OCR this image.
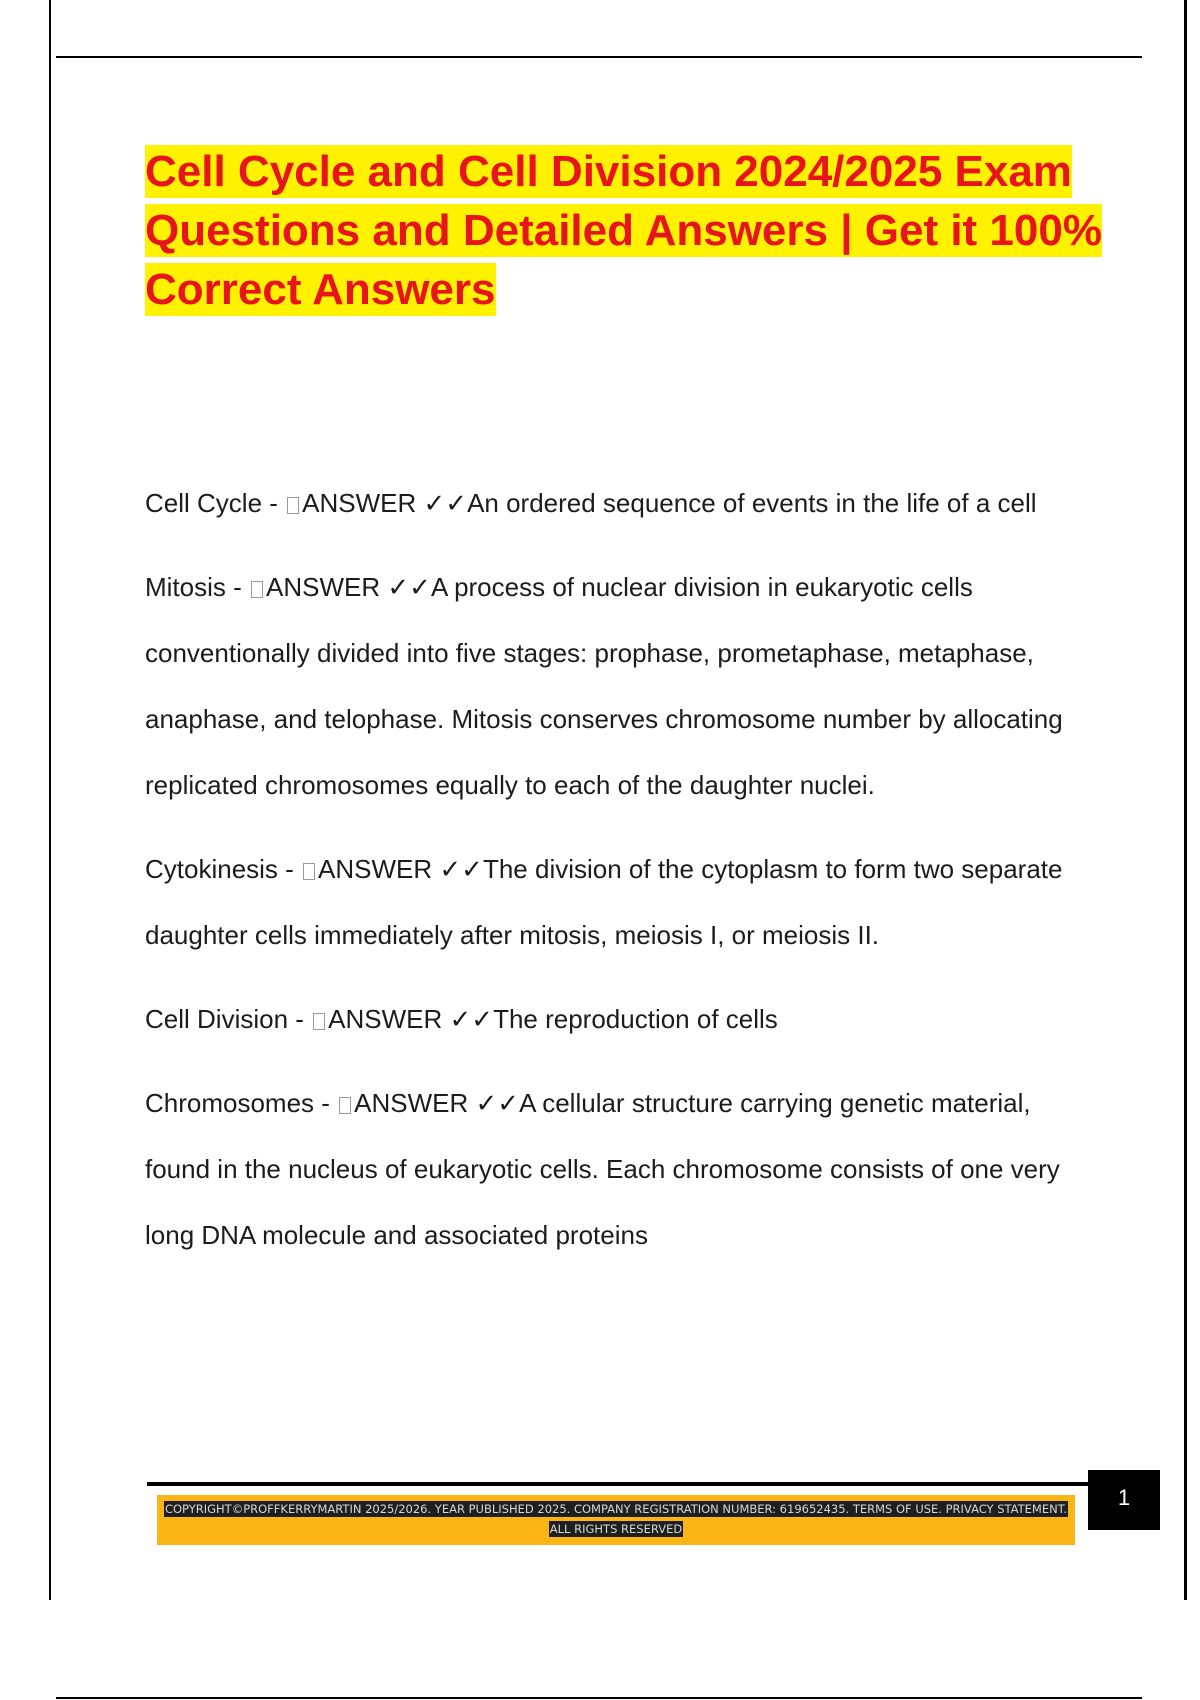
Cell Cycle and Cell Division 2024/2025 Exam Questions and Detailed Answers | Get it 100% Correct Answers

Cell Cycle - ANSWER ✓✓An ordered sequence of events in the life of a cell

Mitosis - ANSWER ✓✓A process of nuclear division in eukaryotic cells conventionally divided into five stages: prophase, prometaphase, metaphase, anaphase, and telophase. Mitosis conserves chromosome number by allocating replicated chromosomes equally to each of the daughter nuclei.

Cytokinesis - ANSWER ✓✓The division of the cytoplasm to form two separate daughter cells immediately after mitosis, meiosis I, or meiosis II.

Cell Division - ANSWER ✓✓The reproduction of cells

Chromosomes - ANSWER ✓✓A cellular structure carrying genetic material, found in the nucleus of eukaryotic cells. Each chromosome consists of one very long DNA molecule and associated proteins

COPYRIGHT©PROFFKERRYMARTIN 2025/2026. YEAR PUBLISHED 2025. COMPANY REGISTRATION NUMBER: 619652435. TERMS OF USE. PRIVACY STATEMENT. ALL RIGHTS RESERVED
1
